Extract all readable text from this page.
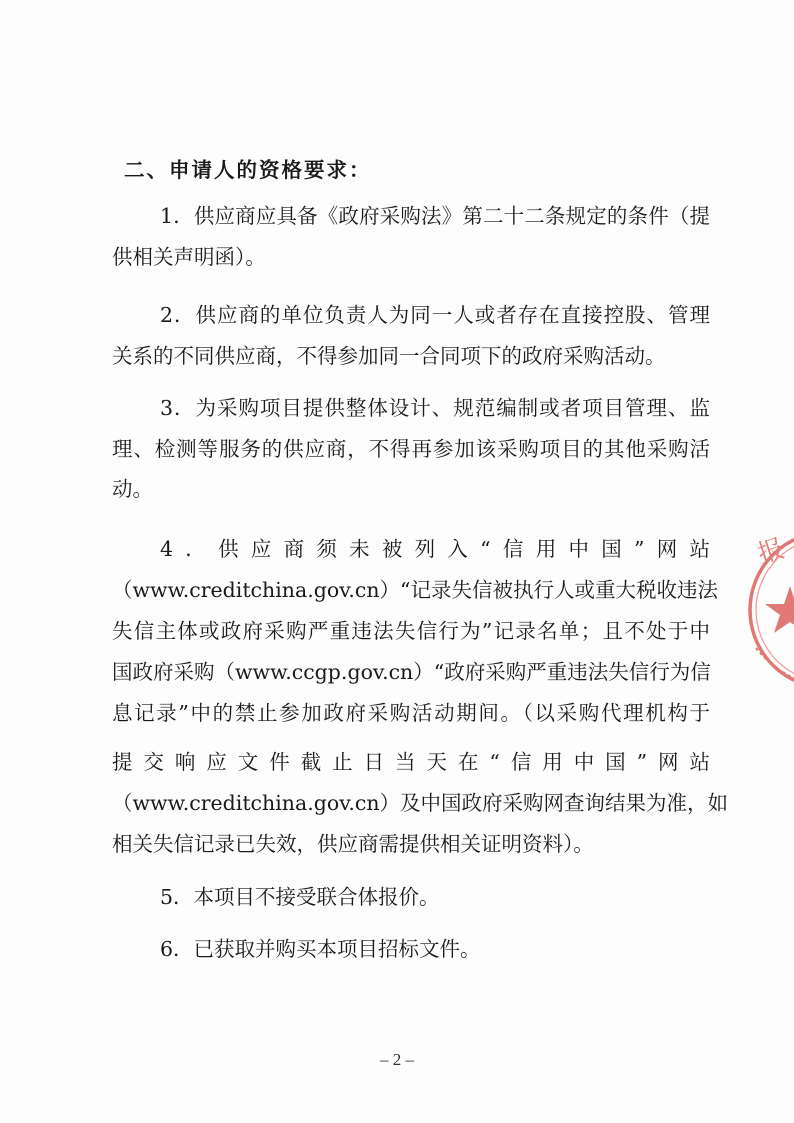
二、申请人的资格要求：
1．供应商应具备《政府采购法》第二十二条规定的条件（提
供相关声明函）。
2．供应商的单位负责人为同一人或者存在直接控股、管理
关系的不同供应商，不得参加同一合同项下的政府采购活动。
3．为采购项目提供整体设计、规范编制或者项目管理、监
理、检测等服务的供应商，不得再参加该采购项目的其他采购活
动。
4．供应商须未被列入“信用中国”网站
（www.creditchina.gov.cn）“记录失信被执行人或重大税收违法
失信主体或政府采购严重违法失信行为”记录名单；且不处于中
国政府采购（www.ccgp.gov.cn）“政府采购严重违法失信行为信
息记录”中的禁止参加政府采购活动期间。（以采购代理机构于
提交响应文件截止日当天在“信用中国”网站
（www.creditchina.gov.cn）及中国政府采购网查询结果为准，如
相关失信记录已失效，供应商需提供相关证明资料）。
5．本项目不接受联合体报价。
6．已获取并购买本项目招标文件。
– 2 –
报
